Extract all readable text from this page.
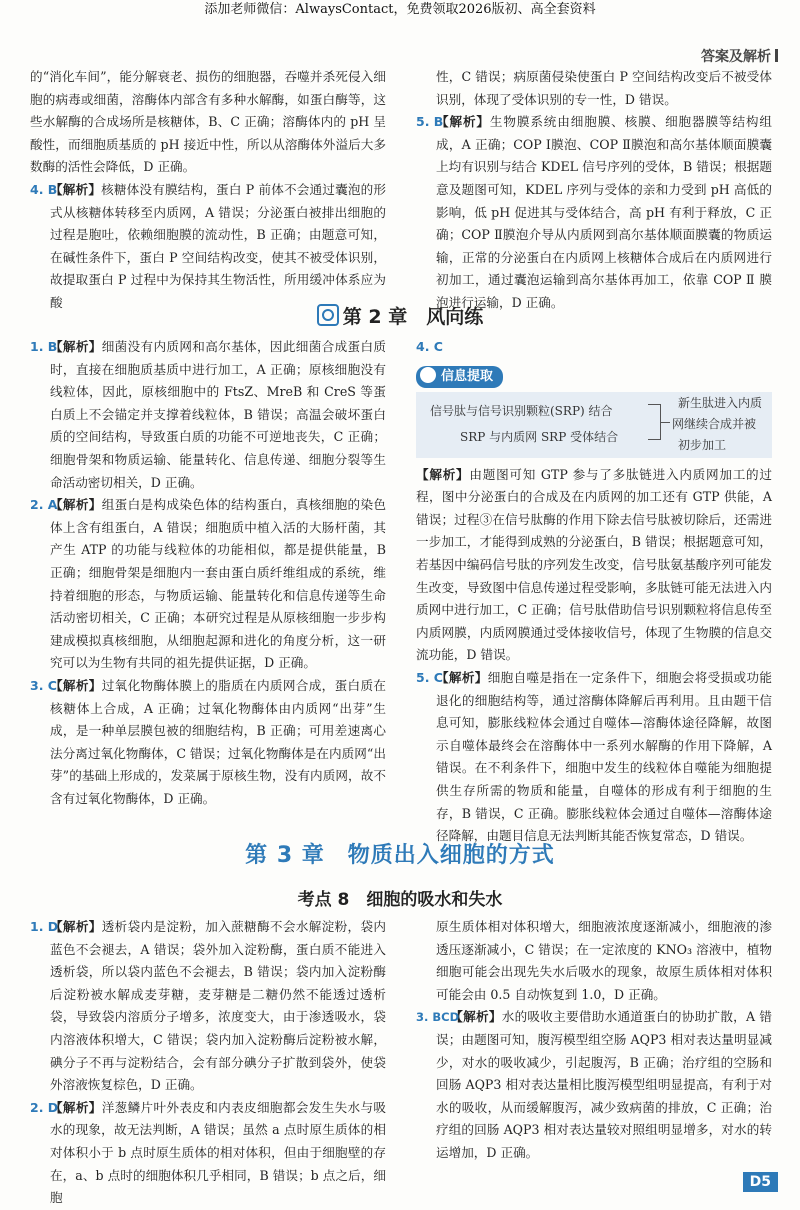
添加老师微信：AlwaysContact，免费领取2026版初、高全套资料
答案及解析

的“消化车间”，能分解衰老、损伤的细胞器，吞噬并杀死侵入细胞的病毒或细菌，溶酶体内部含有多种水解酶，如蛋白酶等，这些水解酶的合成场所是核糖体，B、C 正确；溶酶体内的 pH 呈酸性，而细胞质基质的 pH 接近中性，所以从溶酶体外溢后大多数酶的活性会降低，D 正确。

4. B
【解析】核糖体没有膜结构，蛋白 P 前体不会通过囊泡的形式从核糖体转移至内质网，A 错误；分泌蛋白被排出细胞的过程是胞吐，依赖细胞膜的流动性，B 正确；由题意可知，在碱性条件下，蛋白 P 空间结构改变，使其不被受体识别，故提取蛋白 P 过程中为保持其生物活性，所用缓冲体系应为酸

性，C 错误；病原菌侵染使蛋白 P 空间结构改变后不被受体识别，体现了受体识别的专一性，D 错误。

5. B
【解析】生物膜系统由细胞膜、核膜、细胞器膜等结构组成，A 正确；COP Ⅰ膜泡、COP Ⅱ膜泡和高尔基体顺面膜囊上均有识别与结合 KDEL 信号序列的受体，B 错误；根据题意及题图可知，KDEL 序列与受体的亲和力受到 pH 高低的影响，低 pH 促进其与受体结合，高 pH 有利于释放，C 正确；COP Ⅱ膜泡介导从内质网到高尔基体顺面膜囊的物质运输，正常的分泌蛋白在内质网上核糖体合成后在内质网进行初加工，通过囊泡运输到高尔基体再加工，依靠 COP Ⅱ 膜泡进行运输，D 正确。

第 2 章　风向练

1. B
【解析】细菌没有内质网和高尔基体，因此细菌合成蛋白质时，直接在细胞质基质中进行加工，A 正确；原核细胞没有线粒体，因此，原核细胞中的 FtsZ、MreB 和 CreS 等蛋白质上不会锚定并支撑着线粒体，B 错误；高温会破坏蛋白质的空间结构，导致蛋白质的功能不可逆地丧失，C 正确；细胞骨架和物质运输、能量转化、信息传递、细胞分裂等生命活动密切相关，D 正确。

2. A
【解析】组蛋白是构成染色体的结构蛋白，真核细胞的染色体上含有组蛋白，A 错误；细胞质中植入活的大肠杆菌，其产生 ATP 的功能与线粒体的功能相似，都是提供能量，B 正确；细胞骨架是细胞内一套由蛋白质纤维组成的系统，维持着细胞的形态，与物质运输、能量转化和信息传递等生命活动密切相关，C 正确；本研究过程是从原核细胞一步步构建成模拟真核细胞，从细胞起源和进化的角度分析，这一研究可以为生物有共同的祖先提供证据，D 正确。

3. C
【解析】过氧化物酶体膜上的脂质在内质网合成，蛋白质在核糖体上合成，A 正确；过氧化物酶体由内质网“出芽”生成，是一种单层膜包被的细胞结构，B 正确；可用差速离心法分离过氧化物酶体，C 错误；过氧化物酶体是在内质网“出芽”的基础上形成的，发菜属于原核生物，没有内质网，故不含有过氧化物酶体，D 正确。

4. C

信息提取
信号肽与信号识别颗粒(SRP) 结合
SRP 与内质网 SRP 受体结合
新生肽进入内质
网继续合成并被
初步加工

【解析】由题图可知 GTP 参与了多肽链进入内质网加工的过程，图中分泌蛋白的合成及在内质网的加工还有 GTP 供能，A 错误；过程③在信号肽酶的作用下除去信号肽被切除后，还需进一步加工，才能得到成熟的分泌蛋白，B 错误；根据题意可知，若基因中编码信号肽的序列发生改变，信号肽氨基酸序列可能发生改变，导致图中信息传递过程受影响，多肽链可能无法进入内质网中进行加工，C 正确；信号肽借助信号识别颗粒将信息传至内质网膜，内质网膜通过受体接收信号，体现了生物膜的信息交流功能，D 错误。

5. C
【解析】细胞自噬是指在一定条件下，细胞会将受损或功能退化的细胞结构等，通过溶酶体降解后再利用。且由题干信息可知，膨胀线粒体会通过自噬体—溶酶体途径降解，故图示自噬体最终会在溶酶体中一系列水解酶的作用下降解，A 错误。在不利条件下，细胞中发生的线粒体自噬能为细胞提供生存所需的物质和能量，自噬体的形成有利于细胞的生存，B 错误，C 正确。膨胀线粒体会通过自噬体—溶酶体途径降解，由题目信息无法判断其能否恢复常态，D 错误。

第 3 章　物质出入细胞的方式
考点 8　细胞的吸水和失水

1. D
【解析】透析袋内是淀粉，加入蔗糖酶不会水解淀粉，袋内蓝色不会褪去，A 错误；袋外加入淀粉酶，蛋白质不能进入透析袋，所以袋内蓝色不会褪去，B 错误；袋内加入淀粉酶后淀粉被水解成麦芽糖，麦芽糖是二糖仍然不能透过透析袋，导致袋内溶质分子增多，浓度变大，由于渗透吸水，袋内溶液体积增大，C 错误；袋内加入淀粉酶后淀粉被水解，碘分子不再与淀粉结合，会有部分碘分子扩散到袋外，使袋外溶液恢复棕色，D 正确。

2. D
【解析】洋葱鳞片叶外表皮和内表皮细胞都会发生失水与吸水的现象，故无法判断，A 错误；虽然 a 点时原生质体的相对体积小于 b 点时原生质体的相对体积，但由于细胞壁的存在，a、b 点时的细胞体积几乎相同，B 错误；b 点之后，细胞

原生质体相对体积增大，细胞液浓度逐渐减小，细胞液的渗透压逐渐减小，C 错误；在一定浓度的 KNO₃ 溶液中，植物细胞可能会出现先失水后吸水的现象，故原生质体相对体积可能会由 0.5 自动恢复到 1.0，D 正确。

3. BCD
【解析】水的吸收主要借助水通道蛋白的协助扩散，A 错误；由题图可知，腹泻模型组空肠 AQP3 相对表达量明显减少，对水的吸收减少，引起腹泻，B 正确；治疗组的空肠和回肠 AQP3 相对表达量相比腹泻模型组明显提高，有利于对水的吸收，从而缓解腹泻，减少致病菌的排放，C 正确；治疗组的回肠 AQP3 相对表达量较对照组明显增多，对水的转运增加，D 正确。

D5
